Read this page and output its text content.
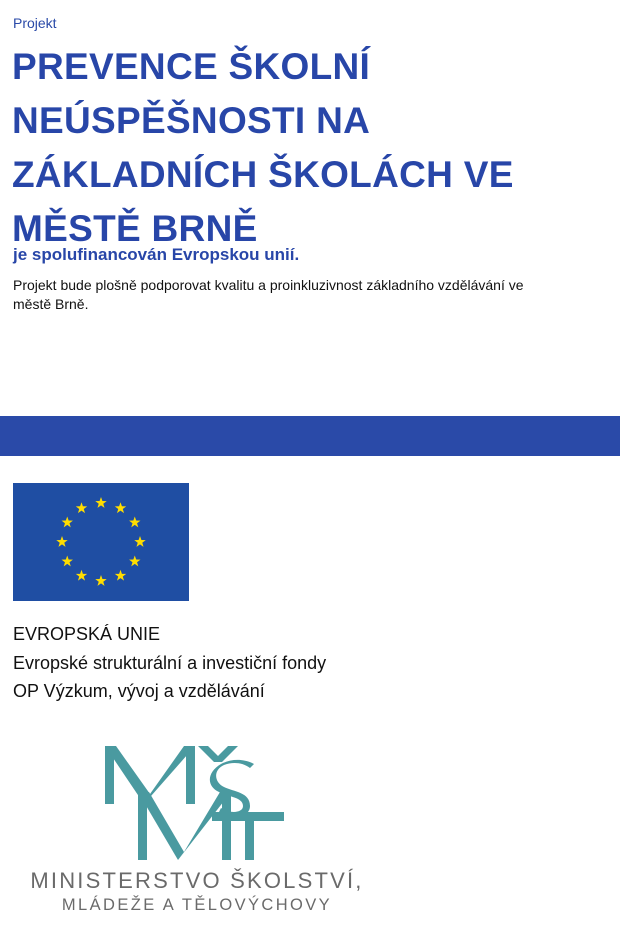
Projekt
PREVENCE ŠKOLNÍ
NEÚSPĚŠNOSTI NA
ZÁKLADNÍCH ŠKOLÁCH VE
MĚSTĚ BRNĚ
je spolufinancován Evropskou unií.
Projekt bude plošně podporovat kvalitu a proinkluzivnost základního vzdělávání ve
městě Brně.
EVROPSKÁ UNIE
Evropské strukturální a investiční fondy
OP Výzkum, vývoj a vzdělávání
MINISTERSTVO ŠKOLSTVÍ,
MLÁDEŽE A TĚLOVÝCHOVY
